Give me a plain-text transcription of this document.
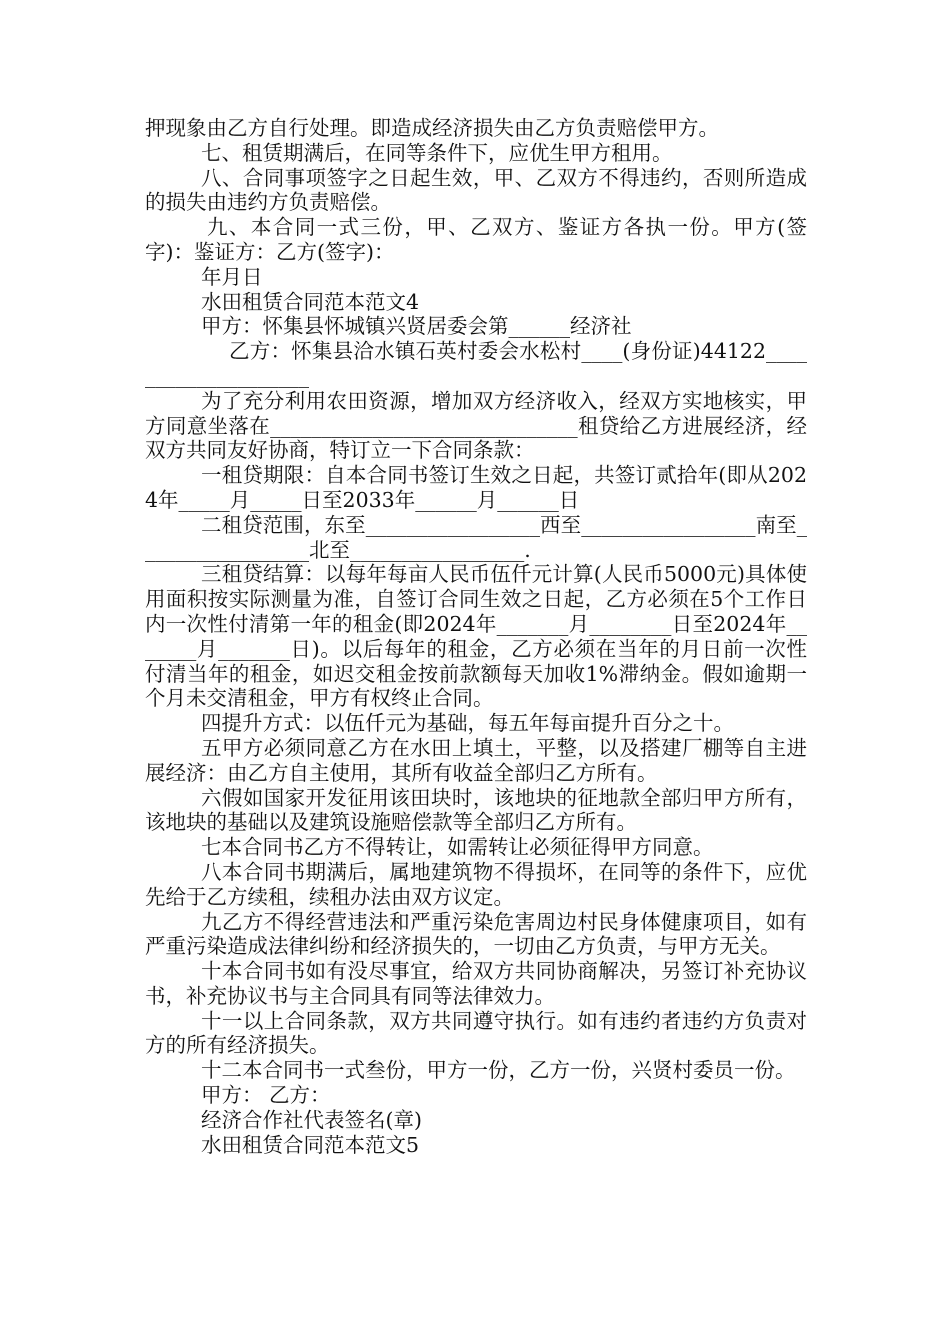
押现象由乙方自行处理。即造成经济损失由乙方负责赔偿甲方。

七、租赁期满后，在同等条件下，应优生甲方租用。

八、合同事项签字之日起生效，甲、乙双方不得违约，否则所造成的损失由违约方负责赔偿。

九、本合同一式三份，甲、乙双方、鉴证方各执一份。甲方(签字)：鉴证方：乙方(签字)：

年月日

水田租赁合同范本范文4

甲方：怀集县怀城镇兴贤居委会第______经济社

乙方：怀集县洽水镇石英村委会水松村____(身份证)44122____________________

为了充分利用农田资源，增加双方经济收入，经双方实地核实，甲方同意坐落在______________________________租贷给乙方进展经济，经双方共同友好协商，特订立一下合同条款：

一租贷期限：自本合同书签订生效之日起，共签订贰拾年(即从2024年_____月_____日至2033年______月______日

二租贷范围，东至_________________西至_________________南至_________________北至_________________.

三租贷结算：以每年每亩人民币伍仟元计算(人民币5000元)具体使用面积按实际测量为准，自签订合同生效之日起，乙方必须在5个工作日内一次性付清第一年的租金(即2024年_______月________日至2024年_______月_______日)。以后每年的租金，乙方必须在当年的月日前一次性付清当年的租金，如迟交租金按前款额每天加收1%滞纳金。假如逾期一个月未交清租金，甲方有权终止合同。

四提升方式：以伍仟元为基础，每五年每亩提升百分之十。

五甲方必须同意乙方在水田上填土，平整，以及搭建厂棚等自主进展经济：由乙方自主使用，其所有收益全部归乙方所有。

六假如国家开发征用该田块时，该地块的征地款全部归甲方所有，该地块的基础以及建筑设施赔偿款等全部归乙方所有。

七本合同书乙方不得转让，如需转让必须征得甲方同意。

八本合同书期满后，属地建筑物不得损坏，在同等的条件下，应优先给于乙方续租，续租办法由双方议定。

九乙方不得经营违法和严重污染危害周边村民身体健康项目，如有严重污染造成法律纠纷和经济损失的，一切由乙方负责，与甲方无关。

十本合同书如有没尽事宜，给双方共同协商解决，另签订补充协议书，补充协议书与主合同具有同等法律效力。

十一以上合同条款，双方共同遵守执行。如有违约者违约方负责对方的所有经济损失。

十二本合同书一式叁份，甲方一份，乙方一份，兴贤村委员一份。

甲方： 乙方：

经济合作社代表签名(章)

水田租赁合同范本范文5
